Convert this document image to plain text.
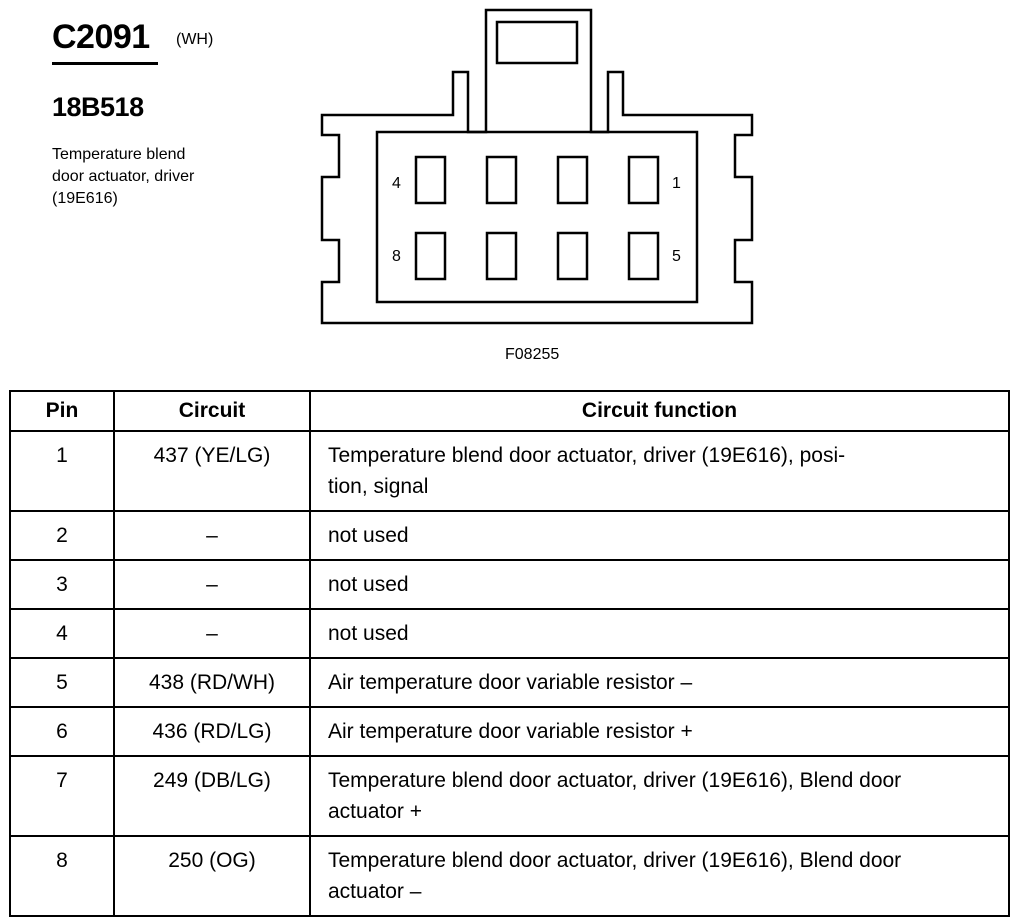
C2091 (WH)
18B518
Temperature blend
door actuator, driver
(19E616)
4	1
8	5
F08255
Pin	Circuit	Circuit function
1	437 (YE/LG)	Temperature blend door actuator, driver (19E616), posi-
tion, signal

2	–	not used

3	–	not used

4	–	not used

5	438 (RD/WH)	Air temperature door variable resistor –

6	436 (RD/LG)	Air temperature door variable resistor +

7	249 (DB/LG)	Temperature blend door actuator, driver (19E616), Blend door
actuator +

8	250 (OG)	Temperature blend door actuator, driver (19E616), Blend door
actuator –
